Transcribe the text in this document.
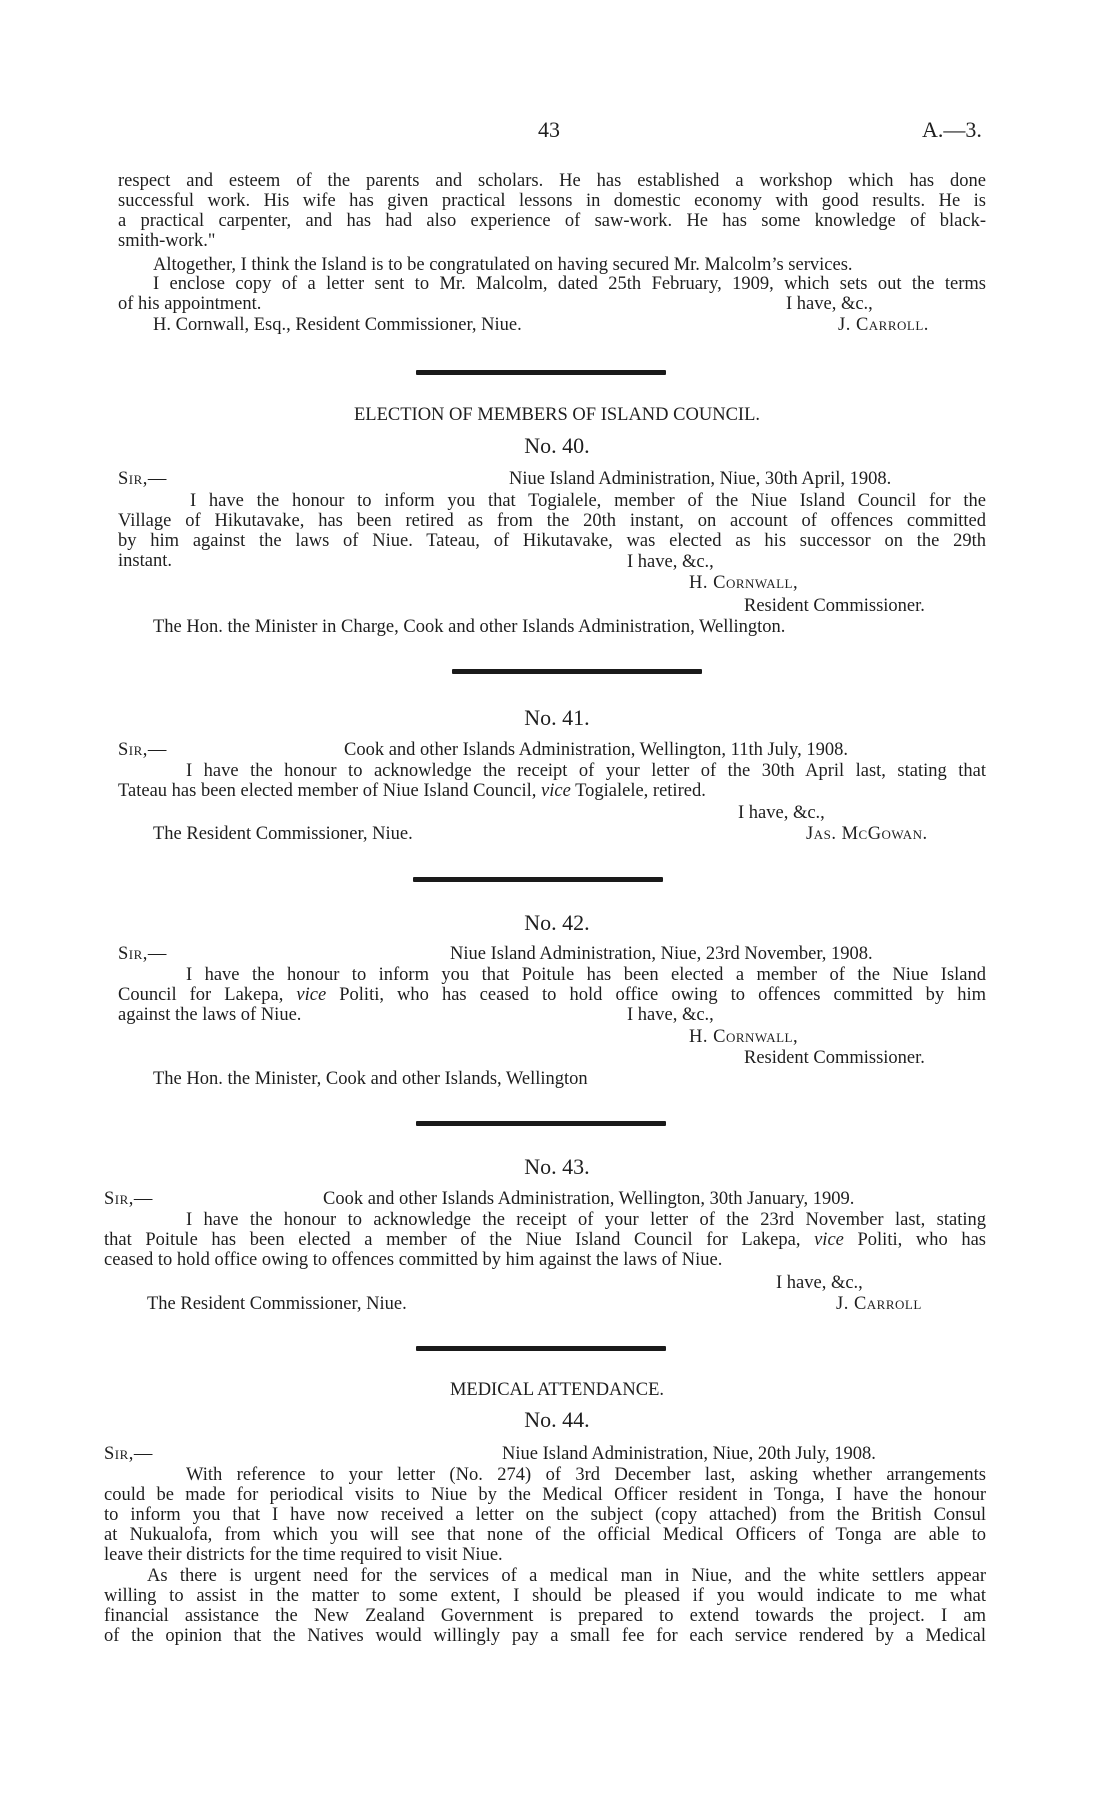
43	A.—3.
respect and esteem of the parents and scholars. He has established a workshop which has done
successful work. His wife has given practical lessons in domestic economy with good results. He is
a practical carpenter, and has had also experience of saw-work. He has some knowledge of black-
smith-work."
Altogether, I think the Island is to be congratulated on having secured Mr. Malcolm’s services.
I enclose copy of a letter sent to Mr. Malcolm, dated 25th February, 1909, which sets out the terms
of his appointment.	I have, &c.,
H. Cornwall, Esq., Resident Commissioner, Niue.	J. Carroll.
ELECTION OF MEMBERS OF ISLAND COUNCIL.
No. 40.
Sir,—	Niue Island Administration, Niue, 30th April, 1908.
I have the honour to inform you that Togialele, member of the Niue Island Council for the
Village of Hikutavake, has been retired as from the 20th instant, on account of offences committed
by him against the laws of Niue. Tateau, of Hikutavake, was elected as his successor on the 29th
instant.	I have, &c.,
H. Cornwall,
Resident Commissioner.
The Hon. the Minister in Charge, Cook and other Islands Administration, Wellington.
No. 41.
Sir,—	Cook and other Islands Administration, Wellington, 11th July, 1908.
I have the honour to acknowledge the receipt of your letter of the 30th April last, stating that
Tateau has been elected member of Niue Island Council, vice Togialele, retired.
I have, &c.,
The Resident Commissioner, Niue.	Jas. McGowan.
No. 42.
Sir,—	Niue Island Administration, Niue, 23rd November, 1908.
I have the honour to inform you that Poitule has been elected a member of the Niue Island
Council for Lakepa, vice Politi, who has ceased to hold office owing to offences committed by him
against the laws of Niue.	I have, &c.,
H. Cornwall,
Resident Commissioner.
The Hon. the Minister, Cook and other Islands, Wellington
No. 43.
Sir,—	Cook and other Islands Administration, Wellington, 30th January, 1909.
I have the honour to acknowledge the receipt of your letter of the 23rd November last, stating
that Poitule has been elected a member of the Niue Island Council for Lakepa, vice Politi, who has
ceased to hold office owing to offences committed by him against the laws of Niue.
I have, &c.,
The Resident Commissioner, Niue.	J. Carroll
MEDICAL ATTENDANCE.
No. 44.
Sir,—	Niue Island Administration, Niue, 20th July, 1908.
With reference to your letter (No. 274) of 3rd December last, asking whether arrangements
could be made for periodical visits to Niue by the Medical Officer resident in Tonga, I have the honour
to inform you that I have now received a letter on the subject (copy attached) from the British Consul
at Nukualofa, from which you will see that none of the official Medical Officers of Tonga are able to
leave their districts for the time required to visit Niue.
As there is urgent need for the services of a medical man in Niue, and the white settlers appear
willing to assist in the matter to some extent, I should be pleased if you would indicate to me what
financial assistance the New Zealand Government is prepared to extend towards the project. I am
of the opinion that the Natives would willingly pay a small fee for each service rendered by a Medical
